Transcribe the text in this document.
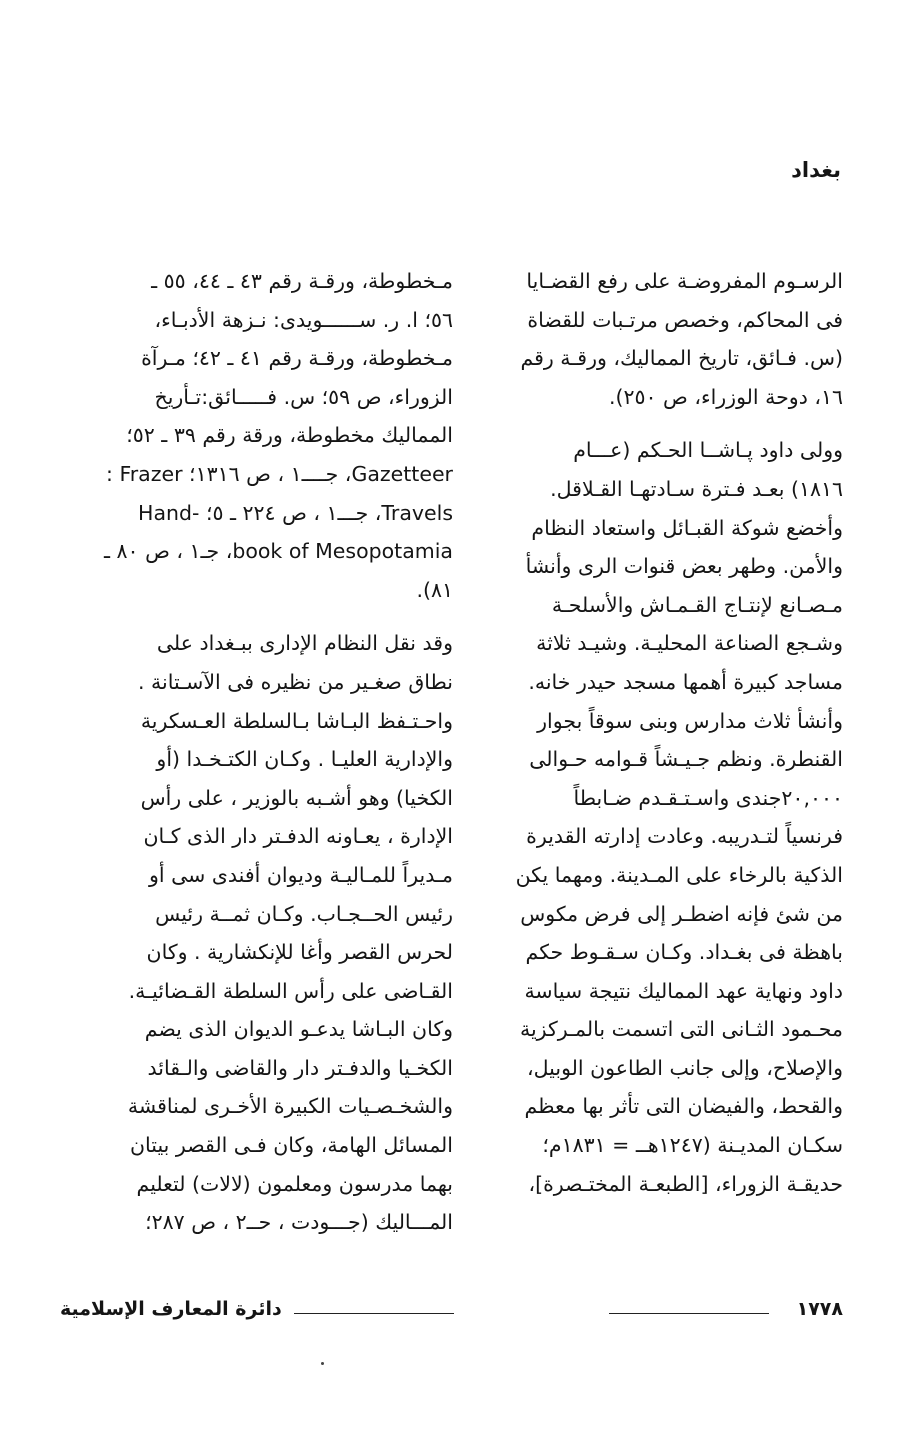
بغداد

الرسـوم المفروضـة على رفع القضـايا
فى المحاكم، وخصص مرتـبات للقضاة
(س. فـائق، تاريخ المماليك، ورقـة رقم
١٦، دوحة الوزراء، ص ٢٥٠).

وولى داود پـاشــا الحـكم (عـــام
١٨١٦) بعـد فـترة سـادتهـا القـلاقل.
وأخضع شوكة القبـائل واستعاد النظام
والأمن. وطهر بعض قنوات الرى وأنشأ
مـصـانع لإنتـاج القـمـاش والأسلحـة
وشـجع الصناعة المحليـة. وشيـد ثلاثة
مساجد كبيرة أهمها مسجد حيدر خانه.
وأنشأ ثلاث مدارس وبنى سوقاً بجوار
القنطرة. ونظم جـيـشاً قـوامه حـوالى
٢٠,٠٠٠جندى واسـتـقـدم ضـابطاً
فرنسياً لتـدريبه. وعادت إدارته القديرة
الذكية بالرخاء على المـدينة. ومهما يكن
من شئ فإنه اضطـر إلى فرض مكوس
باهظة فى بغـداد. وكـان سـقـوط حكم
داود ونهاية عهد المماليك نتيجة سياسة
محـمود الثـانى التى اتسمت بالمـركزية
والإصلاح، وإلى جانب الطاعون الوبيل،
والقحط، والفيضان التى تأثر بها معظم
سكـان المديـنة (١٢٤٧هــ = ١٨٣١م؛
حديقـة الزوراء، [الطبعـة المختـصرة]،

مـخطوطة، ورقـة رقم ٤٣ ـ ٤٤، ٥٥ ـ
٥٦؛ ا. ر. ســــــويدى: نـزهة الأدبـاء،
مـخطوطة، ورقـة رقم ٤١ ـ ٤٢؛ مـرآة
الزوراء، ص ٥٩؛ س. فـــــائق:تـأريخ
المماليك مخطوطة، ورقة رقم ٣٩ ـ ٥٢؛
Gazetteer، جــــ١ ، ص ١٣١٦؛ Frazer :
Travels، جـــ١ ، ص ٢٢٤ ـ ٥؛ -Hand
book of Mesopotamia، جـ١ ، ص ٨٠ ـ
٨١).

وقد نقل النظام الإدارى ببـغداد على
نطاق صغـير من نظيره فى الآسـتانة .
واحـتـفظ البـاشا بـالسلطة العـسكرية
والإدارية العليـا . وكـان الكتـخـدا (أو
الكخيا) وهو أشـبه بالوزير ، على رأس
الإدارة ، يعـاونه الدفـتر دار الذى كـان
مـديراً للمـاليـة وديوان أفندى سى أو
رئيس الحــجـاب. وكـان ثمــة رئيس
لحرس القصر وأغا للإنكشارية . وكان
القـاضى على رأس السلطة القـضائيـة.
وكان البـاشا يدعـو الديوان الذى يضم
الكخـيا والدفـتر دار والقاضى والـقائد
والشخـصـيات الكبيرة الأخـرى لمناقشة
المسائل الهامة، وكان فـى القصر بيتان
بهما مدرسون ومعلمون (لالات) لتعليم
المـــاليك (جـــودت ، حــ٢ ، ص ٢٨٧؛

١٧٧٨
دائرة المعارف الإسلامية
